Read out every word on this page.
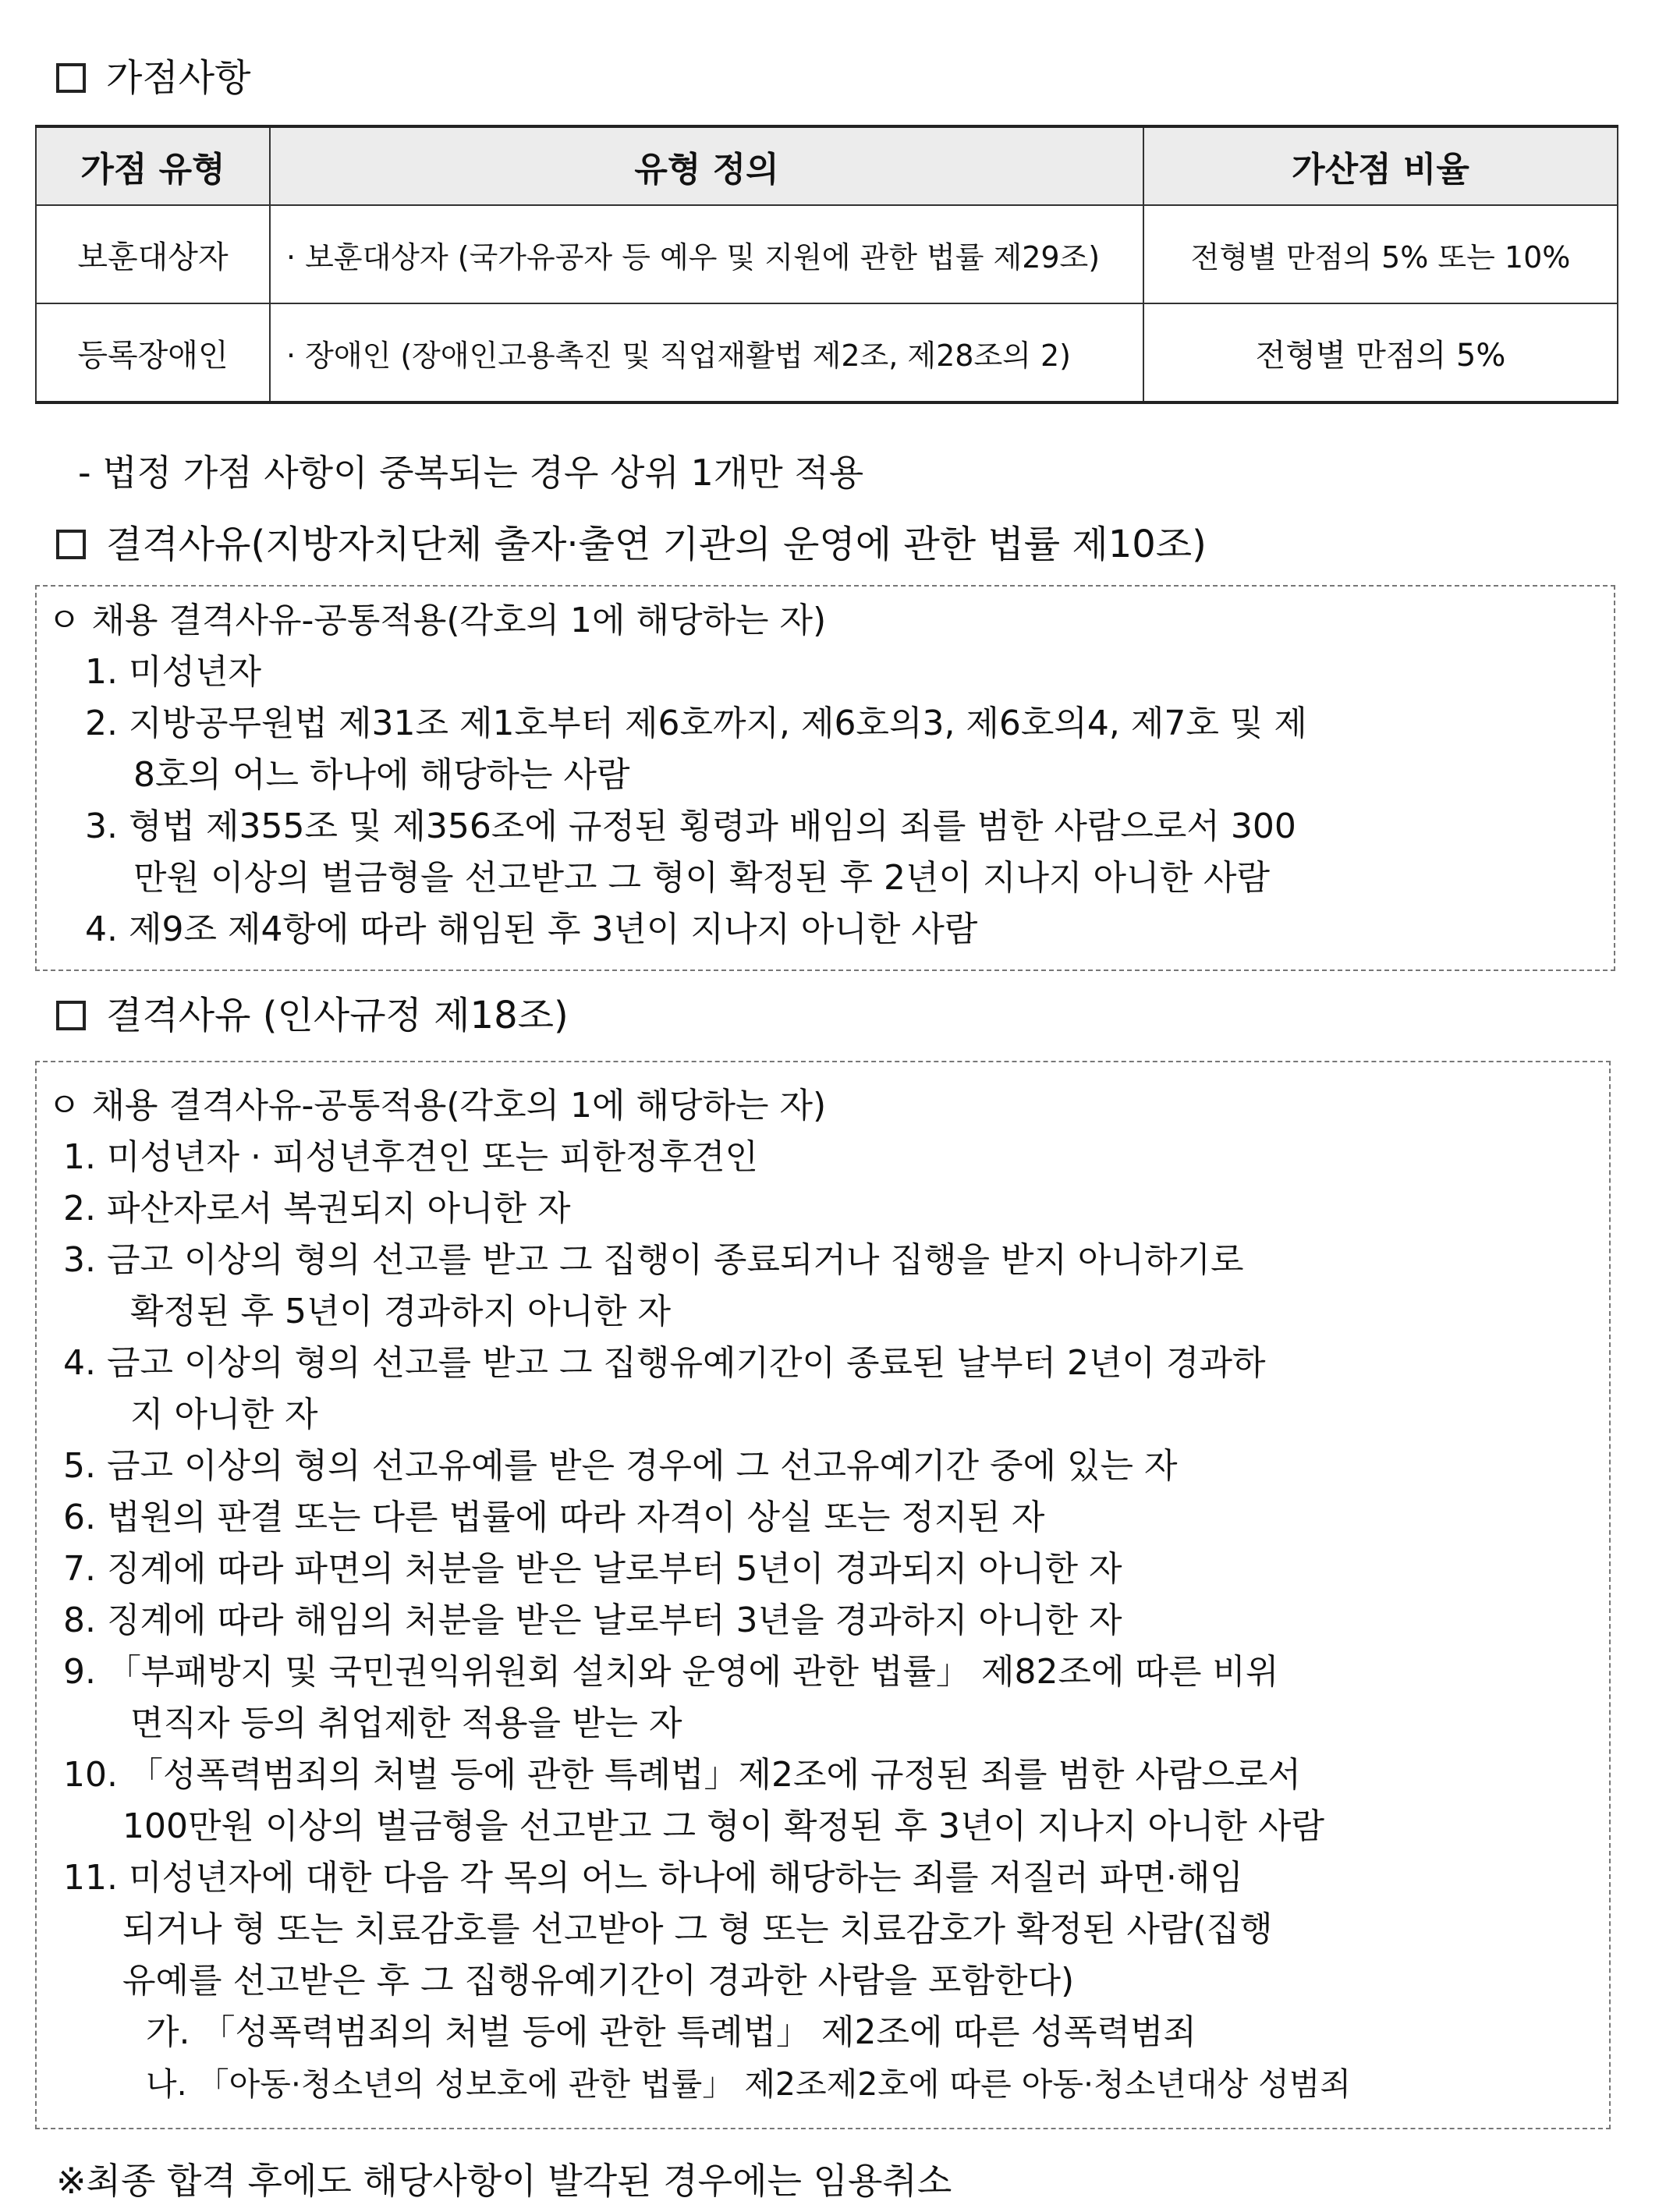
가점사항
가점 유형	유형 정의	가산점 비율
보훈대상자	· 보훈대상자 (국가유공자 등 예우 및 지원에 관한 법률 제29조)	전형별 만점의 5% 또는 10%
등록장애인	· 장애인 (장애인고용촉진 및 직업재활법 제2조, 제28조의 2)	전형별 만점의 5%
- 법정 가점 사항이 중복되는 경우 상위 1개만 적용
결격사유(지방자치단체 출자·출연 기관의 운영에 관한 법률 제10조)
ㅇ 채용 결격사유-공통적용(각호의 1에 해당하는 자)
1. 미성년자
2. 지방공무원법 제31조 제1호부터 제6호까지, 제6호의3, 제6호의4, 제7호 및 제
8호의 어느 하나에 해당하는 사람
3. 형법 제355조 및 제356조에 규정된 횡령과 배임의 죄를 범한 사람으로서 300
만원 이상의 벌금형을 선고받고 그 형이 확정된 후 2년이 지나지 아니한 사람
4. 제9조 제4항에 따라 해임된 후 3년이 지나지 아니한 사람
결격사유 (인사규정 제18조)
ㅇ 채용 결격사유-공통적용(각호의 1에 해당하는 자)
1. 미성년자 · 피성년후견인 또는 피한정후견인
2. 파산자로서 복권되지 아니한 자
3. 금고 이상의 형의 선고를 받고 그 집행이 종료되거나 집행을 받지 아니하기로
확정된 후 5년이 경과하지 아니한 자
4. 금고 이상의 형의 선고를 받고 그 집행유예기간이 종료된 날부터 2년이 경과하
지 아니한 자
5. 금고 이상의 형의 선고유예를 받은 경우에 그 선고유예기간 중에 있는 자
6. 법원의 판결 또는 다른 법률에 따라 자격이 상실 또는 정지된 자
7. 징계에 따라 파면의 처분을 받은 날로부터 5년이 경과되지 아니한 자
8. 징계에 따라 해임의 처분을 받은 날로부터 3년을 경과하지 아니한 자
9. 「부패방지 및 국민권익위원회 설치와 운영에 관한 법률」 제82조에 따른 비위
면직자 등의 취업제한 적용을 받는 자
10. 「성폭력범죄의 처벌 등에 관한 특례법」제2조에 규정된 죄를 범한 사람으로서
100만원 이상의 벌금형을 선고받고 그 형이 확정된 후 3년이 지나지 아니한 사람
11. 미성년자에 대한 다음 각 목의 어느 하나에 해당하는 죄를 저질러 파면·해임
되거나 형 또는 치료감호를 선고받아 그 형 또는 치료감호가 확정된 사람(집행
유예를 선고받은 후 그 집행유예기간이 경과한 사람을 포함한다)
가. 「성폭력범죄의 처벌 등에 관한 특례법」 제2조에 따른 성폭력범죄
나. 「아동·청소년의 성보호에 관한 법률」 제2조제2호에 따른 아동·청소년대상 성범죄
※최종 합격 후에도 해당사항이 발각된 경우에는 임용취소
